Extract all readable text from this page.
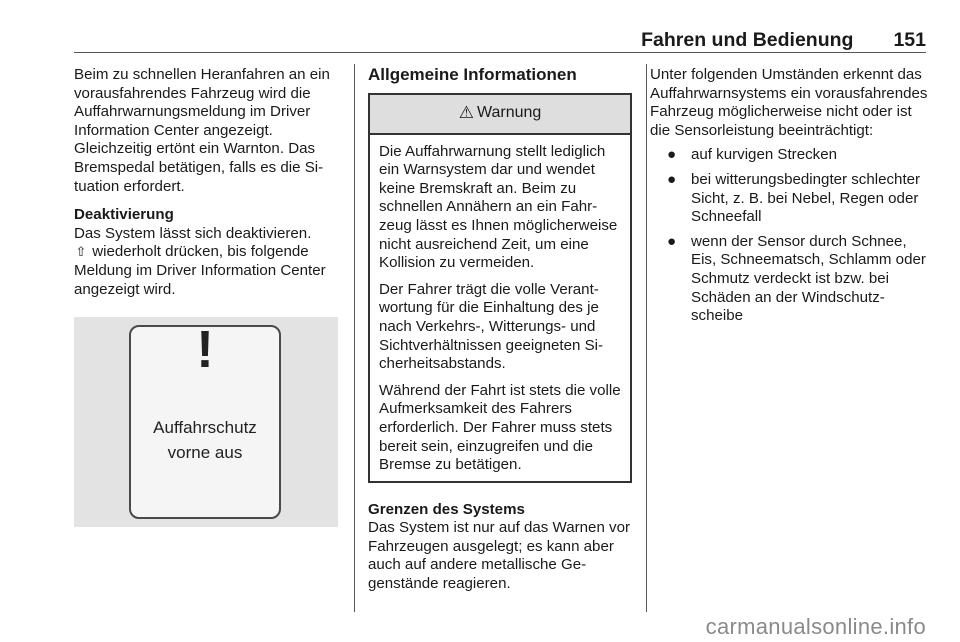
Fahren und Bedienung 151

Beim zu schnellen Heranfahren an ein vorausfahrendes Fahrzeug wird die Auffahrwarnungsmeldung im Driver Information Center angezeigt. Gleichzeitig ertönt ein Warnton. Das Bremspedal betätigen, falls es die Situation erfordert.

Deaktivierung

Das System lässt sich deaktivieren.
⇧ wiederholt drücken, bis folgende Meldung im Driver Information Center angezeigt wird.

!
Auffahrschutz
vorne aus

Allgemeine Informationen

⚠ Warnung

Die Auffahrwarnung stellt lediglich ein Warnsystem dar und wendet keine Bremskraft an. Beim zu schnellen Annähern an ein Fahrzeug lässt es Ihnen möglicherweise nicht ausreichend Zeit, um eine Kollision zu vermeiden.

Der Fahrer trägt die volle Verantwortung für die Einhaltung des je nach Verkehrs-, Witterungs- und Sichtverhältnissen geeigneten Sicherheitsabstands.

Während der Fahrt ist stets die volle Aufmerksamkeit des Fahrers erforderlich. Der Fahrer muss stets bereit sein, einzugreifen und die Bremse zu betätigen.

Grenzen des Systems

Das System ist nur auf das Warnen vor Fahrzeugen ausgelegt; es kann aber auch auf andere metallische Gegenstände reagieren.

Unter folgenden Umständen erkennt das Auffahrwarnsystems ein vorausfahrendes Fahrzeug möglicherweise nicht oder ist die Sensorleistung beeinträchtigt:

● auf kurvigen Strecken
● bei witterungsbedingter schlechter Sicht, z. B. bei Nebel, Regen oder Schneefall
● wenn der Sensor durch Schnee, Eis, Schneematsch, Schlamm oder Schmutz verdeckt ist bzw. bei Schäden an der Windschutzscheibe
carmanualsonline.info
